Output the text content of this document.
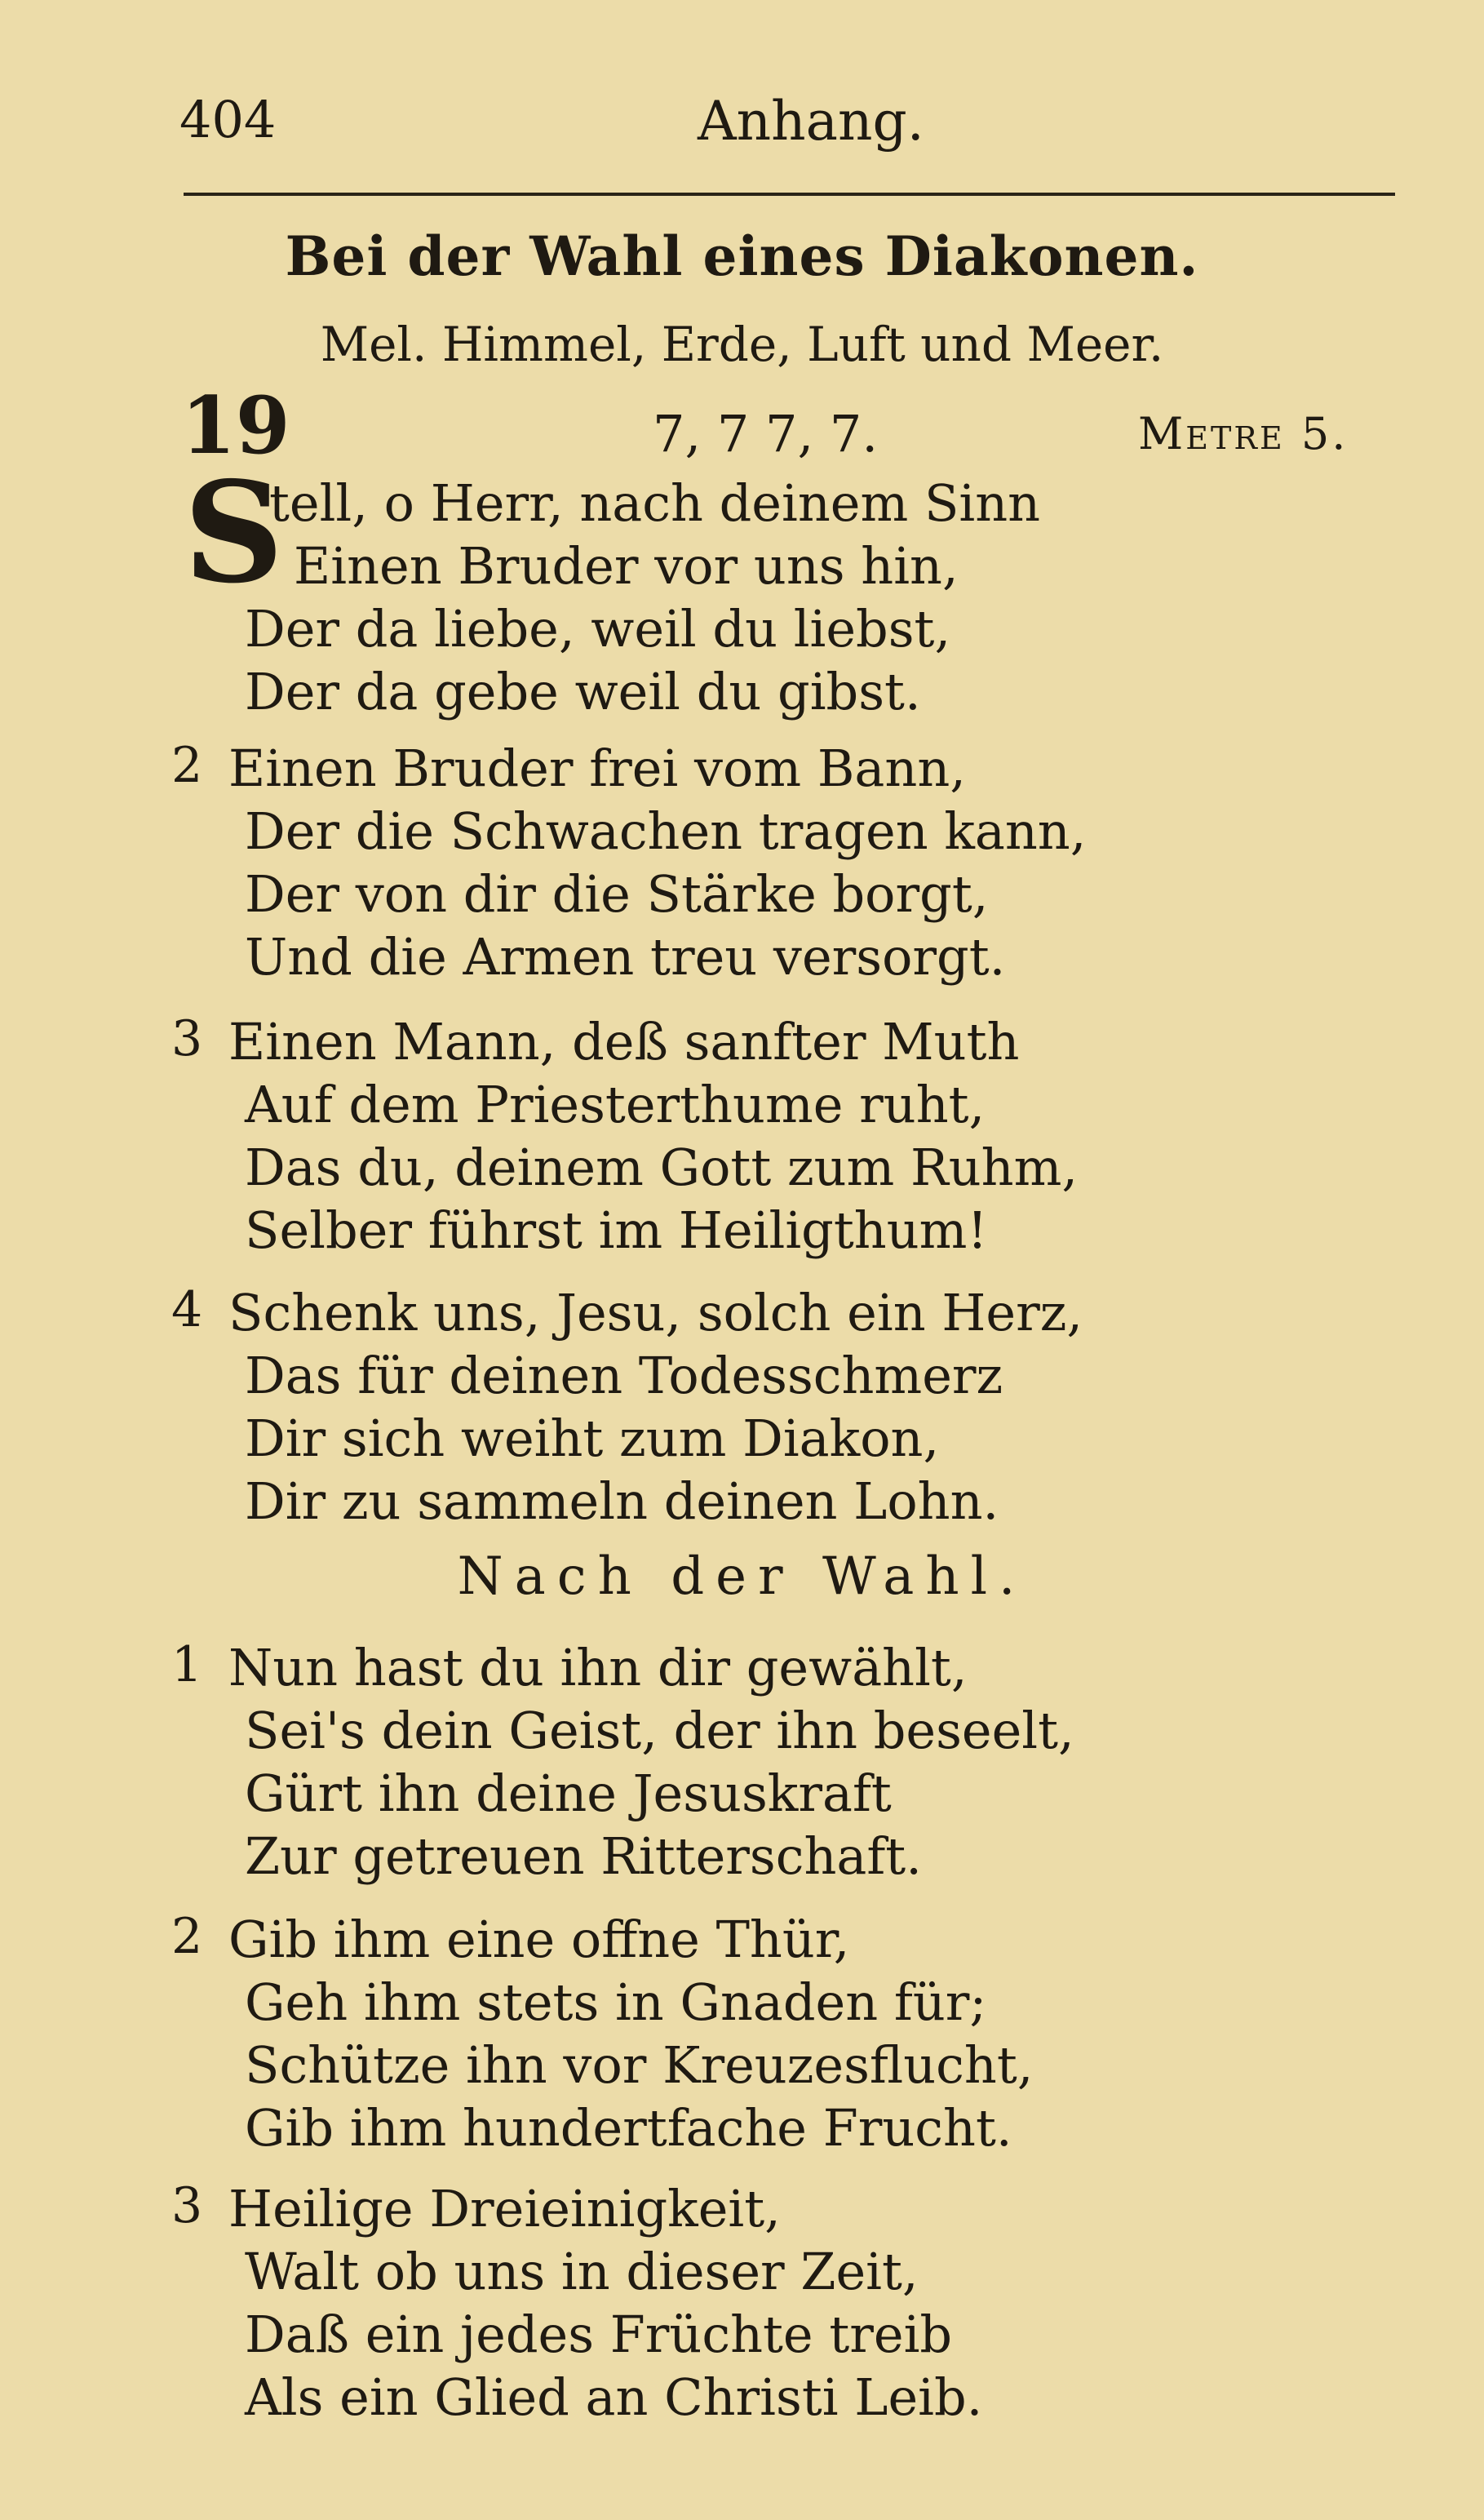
404	Anhang.
Bei der Wahl eines Diakonen.
Mel. Himmel, Erde, Luft und Meer.
19	7, 7 7, 7.	Metre 5.
S
tell, o Herr, nach deinem Sinn
Einen Bruder vor uns hin,
Der da liebe, weil du liebst,
Der da gebe weil du gibst.
2 Einen Bruder frei vom Bann,
Der die Schwachen tragen kann,
Der von dir die Stärke borgt,
Und die Armen treu versorgt.
3 Einen Mann, deß sanfter Muth
Auf dem Priesterthume ruht,
Das du, deinem Gott zum Ruhm,
Selber führst im Heiligthum!
4 Schenk uns, Jesu, solch ein Herz,
Das für deinen Todesschmerz
Dir sich weiht zum Diakon,
Dir zu sammeln deinen Lohn.
Nach der Wahl.
1 Nun hast du ihn dir gewählt,
Sei's dein Geist, der ihn beseelt,
Gürt ihn deine Jesuskraft
Zur getreuen Ritterschaft.
2 Gib ihm eine offne Thür,
Geh ihm stets in Gnaden für;
Schütze ihn vor Kreuzesflucht,
Gib ihm hundertfache Frucht.
3 Heilige Dreieinigkeit,
Walt ob uns in dieser Zeit,
Daß ein jedes Früchte treib
Als ein Glied an Christi Leib.
